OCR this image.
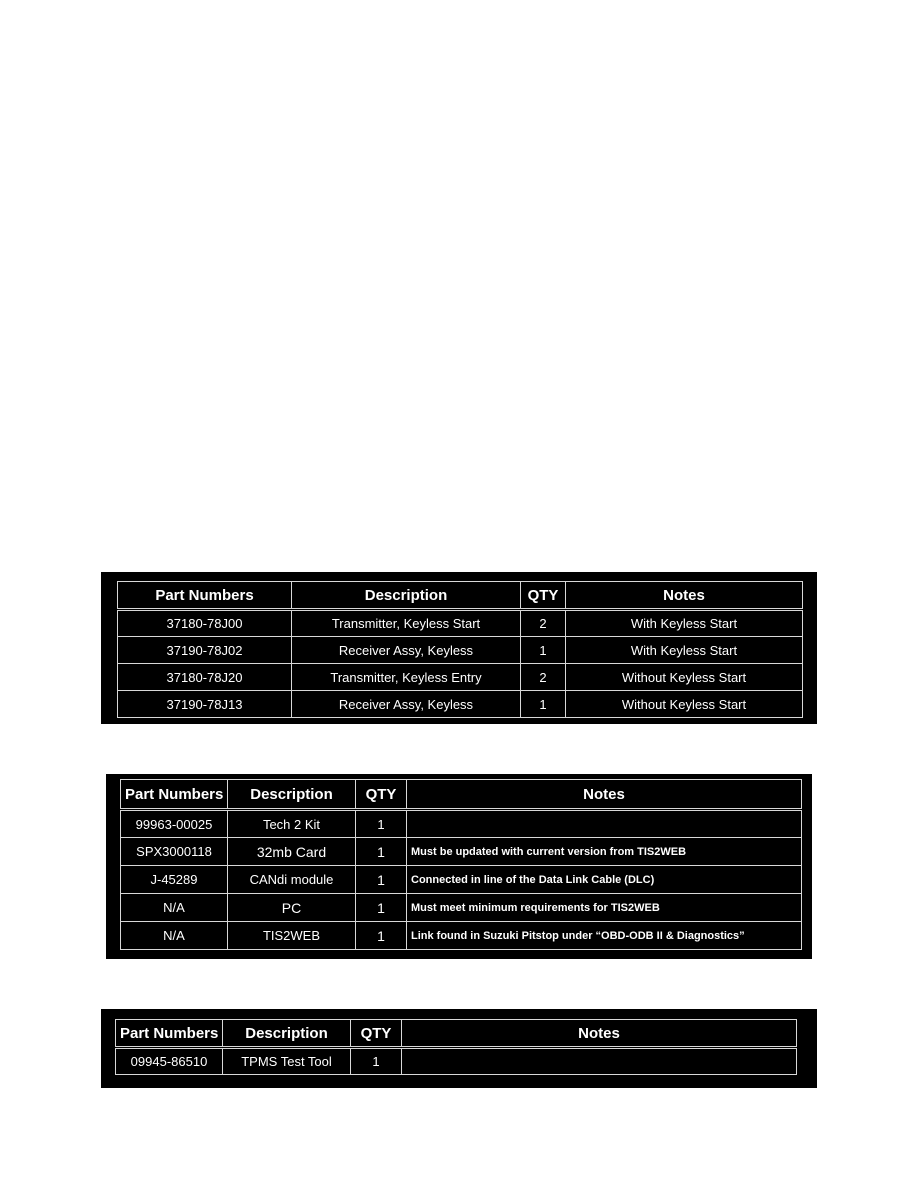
Part Numbers	Description	QTY	Notes
37180-78J00	Transmitter, Keyless Start	2	With Keyless Start
37190-78J02	Receiver Assy, Keyless	1	With Keyless Start
37180-78J20	Transmitter, Keyless Entry	2	Without Keyless Start
37190-78J13	Receiver Assy, Keyless	1	Without Keyless Start
Part Numbers	Description	QTY	Notes
99963-00025	Tech 2 Kit	1	
SPX3000118	32mb Card	1	Must be updated with current version from TIS2WEB
J-45289	CANdi module	1	Connected in line of the Data Link Cable (DLC)
N/A	PC	1	Must meet minimum requirements for TIS2WEB
N/A	TIS2WEB	1	Link found in Suzuki Pitstop under “OBD-ODB II & Diagnostics”
Part Numbers	Description	QTY	Notes
09945-86510	TPMS Test Tool	1	
